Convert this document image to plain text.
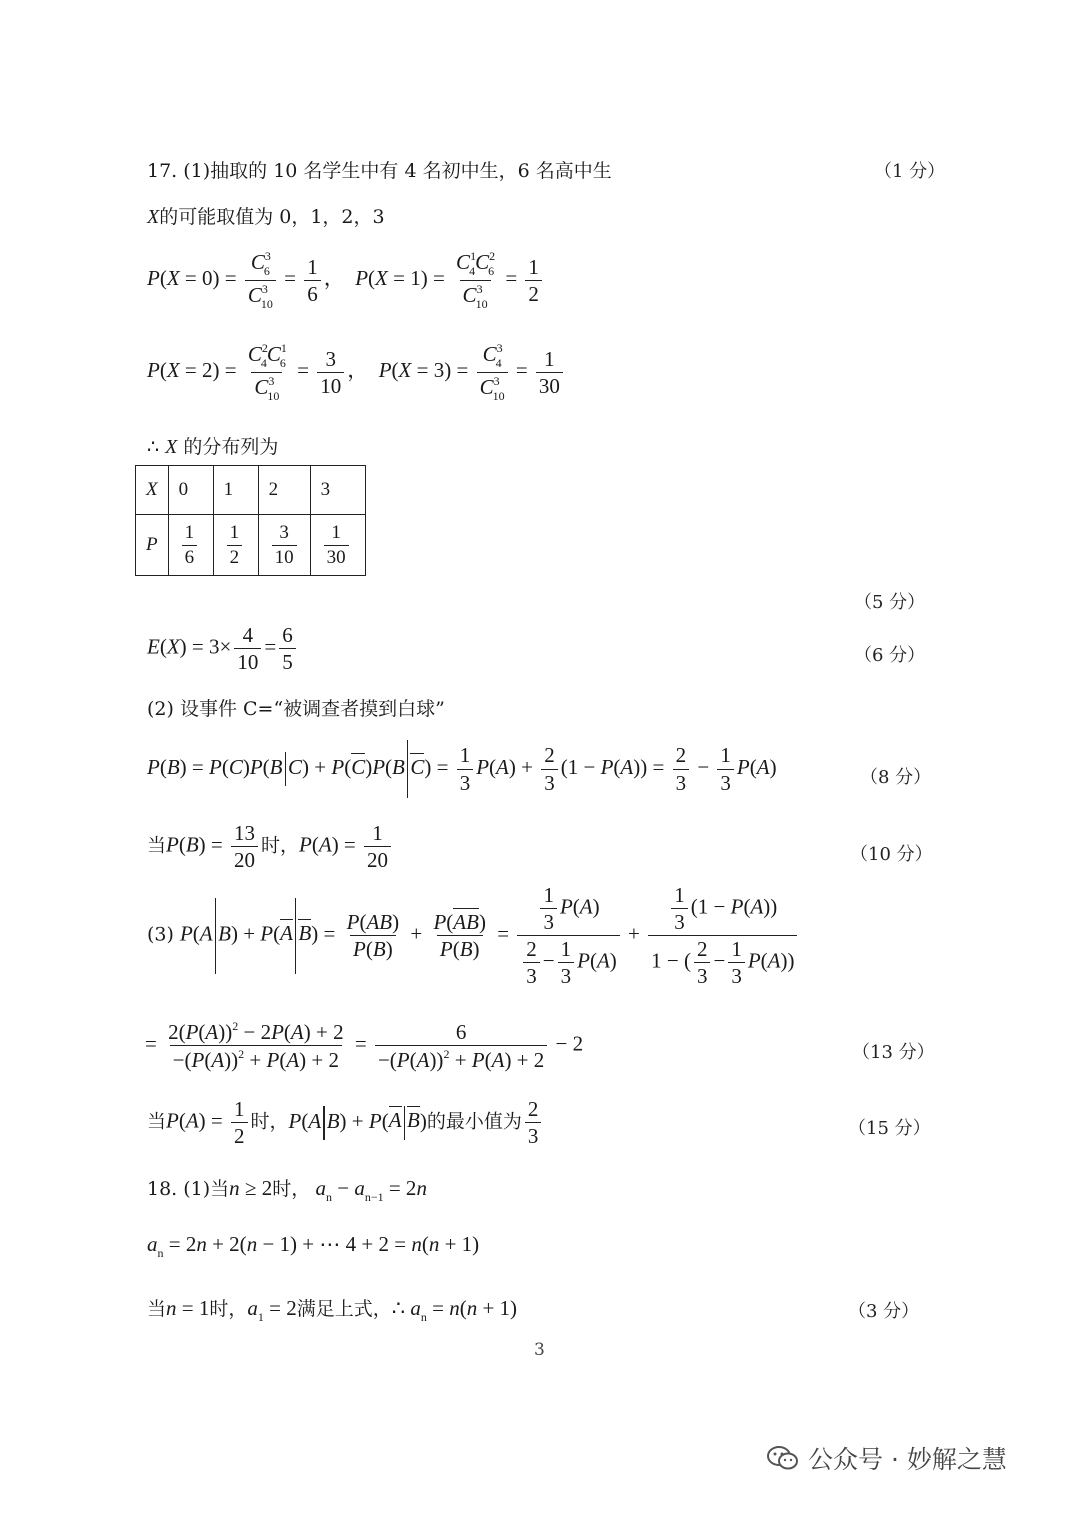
17. (1)抽取的 10 名学生中有 4 名初中生，6 名高中生	（1 分）
X的可能取值为 0，1，2，3
$P(X = 0) = \frac{C^3_6}{C^3_{10}} = \frac{1}{6}$ ，  $P(X = 1) = \frac{C^1_4C^2_6}{C^3_{10}} = \frac{1}{2}$
$P(X = 2) = \frac{C^2_4C^1_6}{C^3_{10}} = \frac{3}{10}$ ，  $P(X = 3) = \frac{C^3_4}{C^3_{10}} = \frac{1}{30}$
∴ X 的分布列为
X	0	1	2	3
P	$\frac{1}{6}$	$\frac{1}{2}$	$\frac{3}{10}$	$\frac{1}{30}$
（5 分）
$E(X) = 3\times \frac{4}{10} = \frac{6}{5}$	（6 分）
(2) 设事件 C=“被调查者摸到白球”
P(B) = P(C)P(B C) + P(C)P(B $C) = \frac{1}{3} P(A) + \frac{2}{3} (1 - P(A)) = \frac{2}{3} - \frac{1}{3} P(A)$	（8 分）
当$P(B) = \frac{13}{20}$ 时，$P(A) = \frac{1}{20}$	（10 分）
(3) P(A B) + P(A $B) = \frac{P(AB)}{P(B)} + \frac{P(AB)}{P(B)} = \frac{\frac{1}{3} P(A)}{\frac{2}{3} - \frac{1}{3} P(A)} + \frac{\frac{1}{3} (1 - P(A))}{1 - ( \frac{2}{3} - \frac{1}{3} P(A))}$
= $\frac{2(P(A))^2 - 2P(A) + 2}{-(P(A))^2 + P(A) + 2} = \frac{6}{-(P(A))^2 + P(A) + 2} - 2$	（13 分）
当$P(A) = \frac{1}{2}$ 时，P(A B) + P(A B)的最小值为 $\frac{2}{3}$	（15 分）
18. (1)当n ≥ 2时， $a_n - a_{n-1} = 2n$
$a_n = 2n + 2(n - 1)$ + ⋯ 4 + 2 = n(n + 1)
当n = 1时，$a_1 = 2$满足上式，∴ $a_n = n(n + 1)$	（3 分）
3
公众号 · 妙解之慧
